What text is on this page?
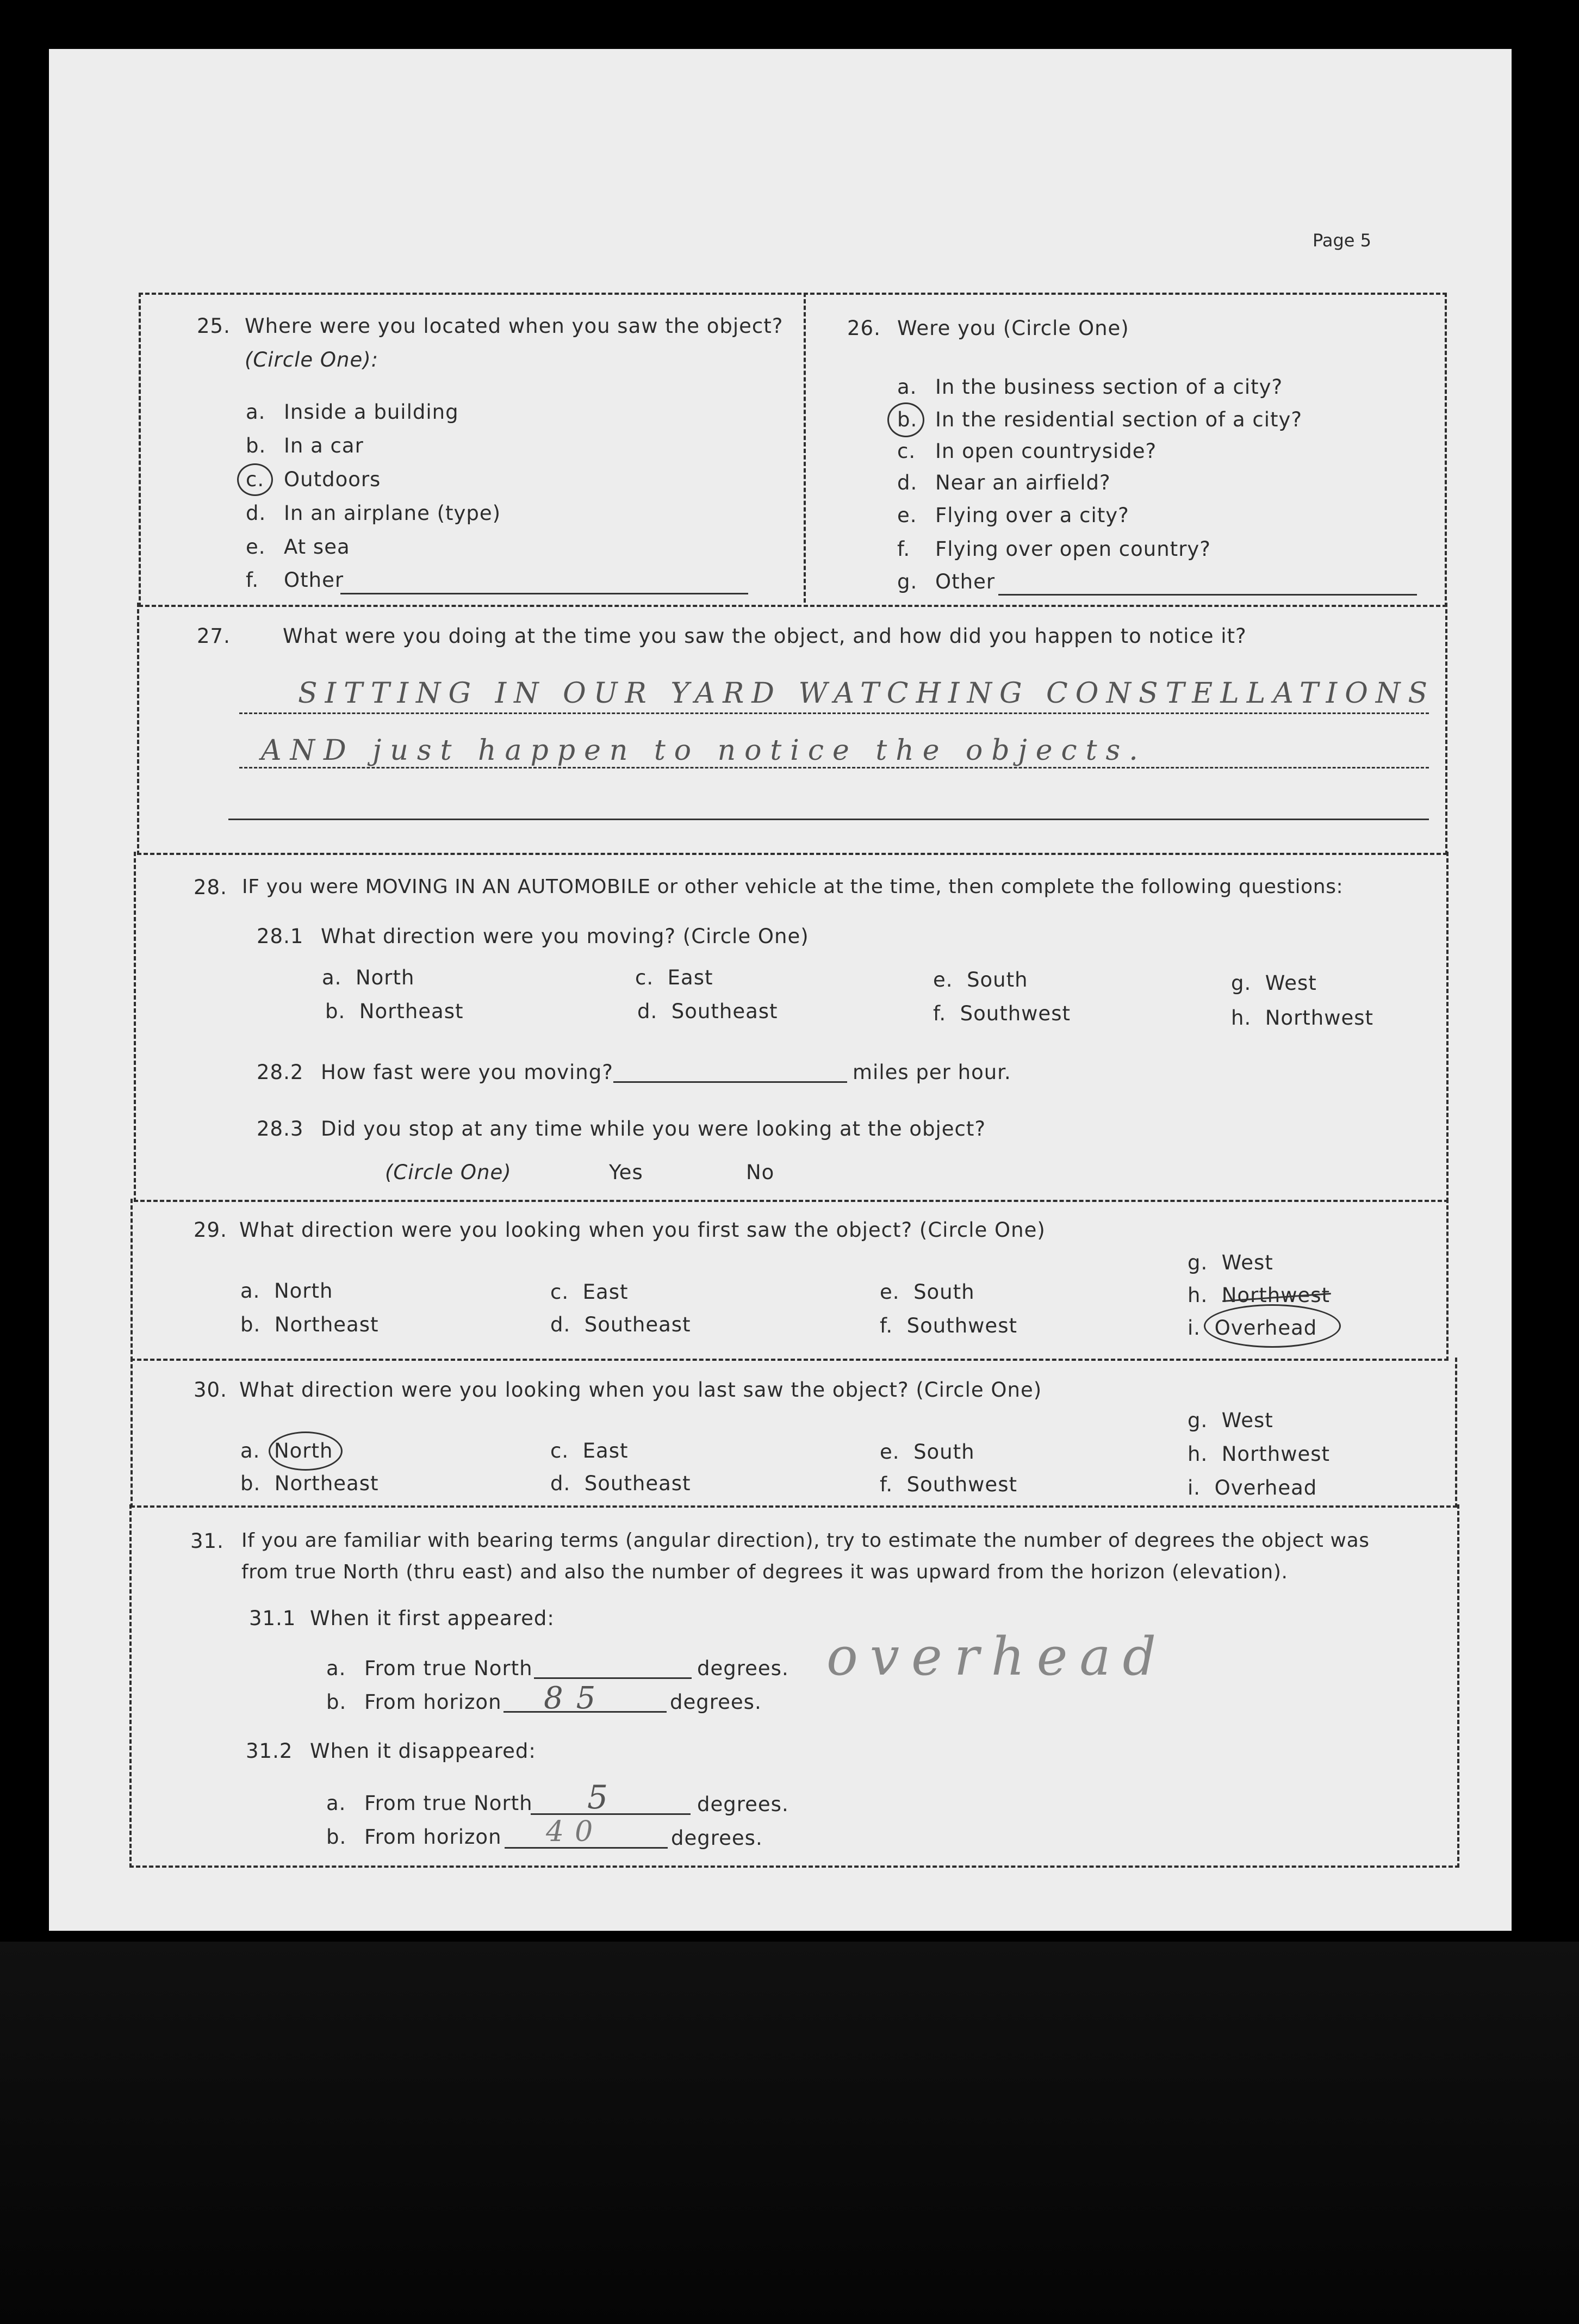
Page 5
25. Where were you located when you saw the object?
(Circle One):
a. Inside a building
b. In a car
c. Outdoors
d. In an airplane (type)
e. At sea
f. Other
26. Were you (Circle One)
a. In the business section of a city?
b. In the residential section of a city?
c. In open countryside?
d. Near an airfield?
e. Flying over a city?
f. Flying over open country?
g. Other
27.	What were you doing at the time you saw the object, and how did you happen to notice it?
SITTING IN OUR YARD WATCHING CONSTELLATIONS
AND just happen to notice the objects.
28. IF you were MOVING IN AN AUTOMOBILE or other vehicle at the time, then complete the following questions:
28.1 What direction were you moving? (Circle One)
a. North
b. Northeast
c. East
d. Southeast
e. South
f. Southwest
g. West
h. Northwest
28.2 How fast were you moving?	miles per hour.
28.3 Did you stop at any time while you were looking at the object?
(Circle One)	Yes	No
29. What direction were you looking when you first saw the object? (Circle One)
a. North
b. Northeast
c. East
d. Southeast
e. South
f. Southwest
g. West
h. Northwest
i. Overhead
30. What direction were you looking when you last saw the object? (Circle One)
a. North
b. Northeast
c. East
d. Southeast
e. South
f. Southwest
g. West
h. Northwest
i. Overhead
31. If you are familiar with bearing terms (angular direction), try to estimate the number of degrees the object was
from true North (thru east) and also the number of degrees it was upward from the horizon (elevation).
31.1 When it first appeared:
a. From true North	degrees. overhead
b. From horizon 85	degrees.
31.2 When it disappeared:
a. From true North 5	degrees.
b. From horizon 40	degrees.
